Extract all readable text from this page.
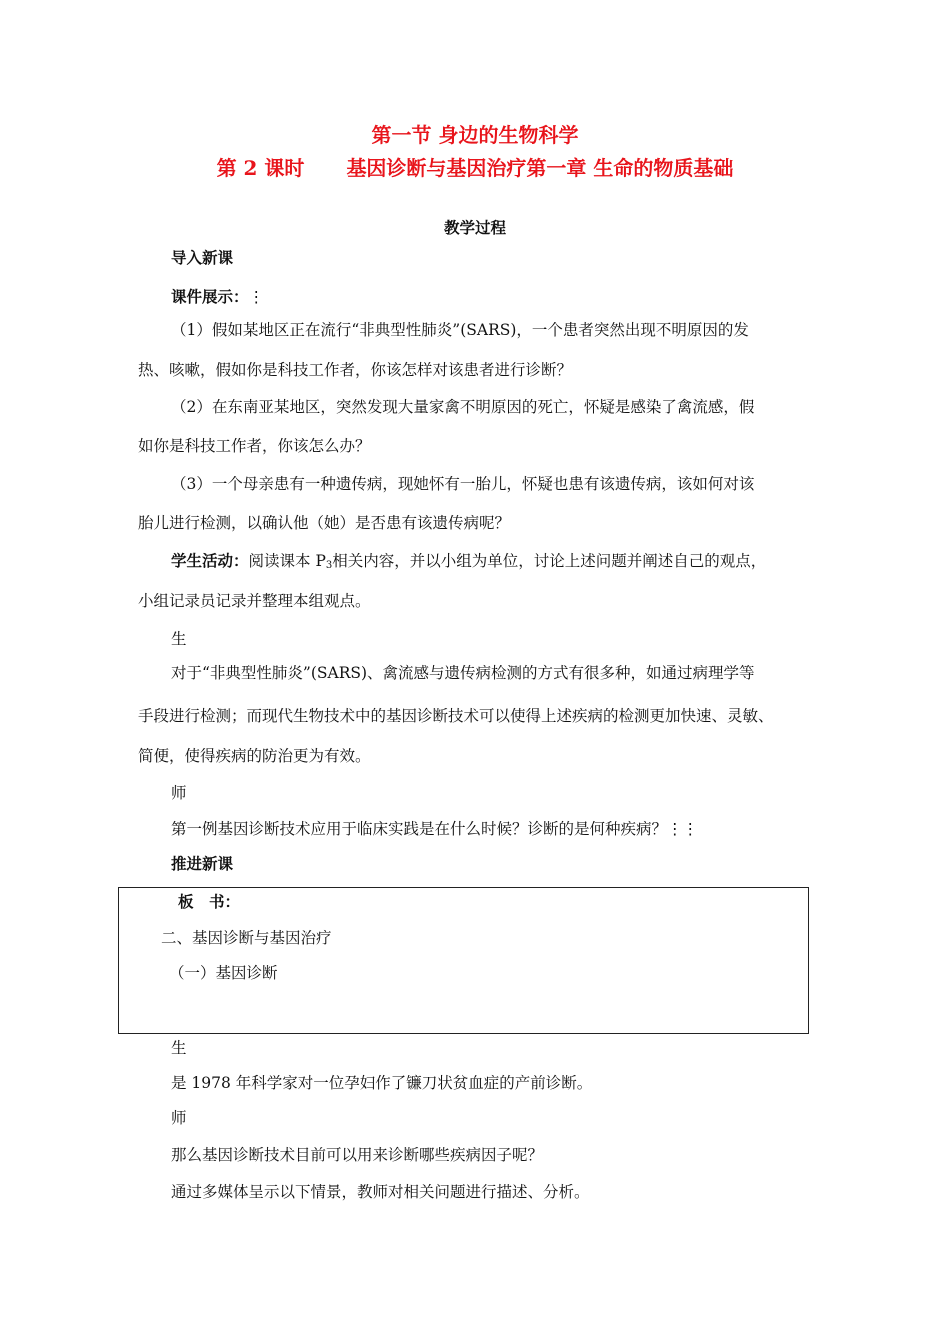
第一节 身边的生物科学
第 2 课时 基因诊断与基因治疗第一章 生命的物质基础
教学过程
导入新课
课件展示：⋮
（1）假如某地区正在流行“非典型性肺炎”(SARS)，一个患者突然出现不明原因的发
热、咳嗽，假如你是科技工作者，你该怎样对该患者进行诊断？
（2）在东南亚某地区，突然发现大量家禽不明原因的死亡，怀疑是感染了禽流感，假
如你是科技工作者，你该怎么办？
（3）一个母亲患有一种遗传病，现她怀有一胎儿，怀疑也患有该遗传病，该如何对该
胎儿进行检测，以确认他（她）是否患有该遗传病呢？
学生活动：阅读课本 $P_3$相关内容，并以小组为单位，讨论上述问题并阐述自己的观点，
小组记录员记录并整理本组观点。
生
对于“非典型性肺炎”(SARS)、禽流感与遗传病检测的方式有很多种，如通过病理学等
手段进行检测；而现代生物技术中的基因诊断技术可以使得上述疾病的检测更加快速、灵敏、
简便，使得疾病的防治更为有效。
师
第一例基因诊断技术应用于临床实践是在什么时候？诊断的是何种疾病？⋮⋮
推进新课
板　书：
二、基因诊断与基因治疗
（一）基因诊断
生
是 1978 年科学家对一位孕妇作了镰刀状贫血症的产前诊断。
师
那么基因诊断技术目前可以用来诊断哪些疾病因子呢？
通过多媒体呈示以下情景，教师对相关问题进行描述、分析。
